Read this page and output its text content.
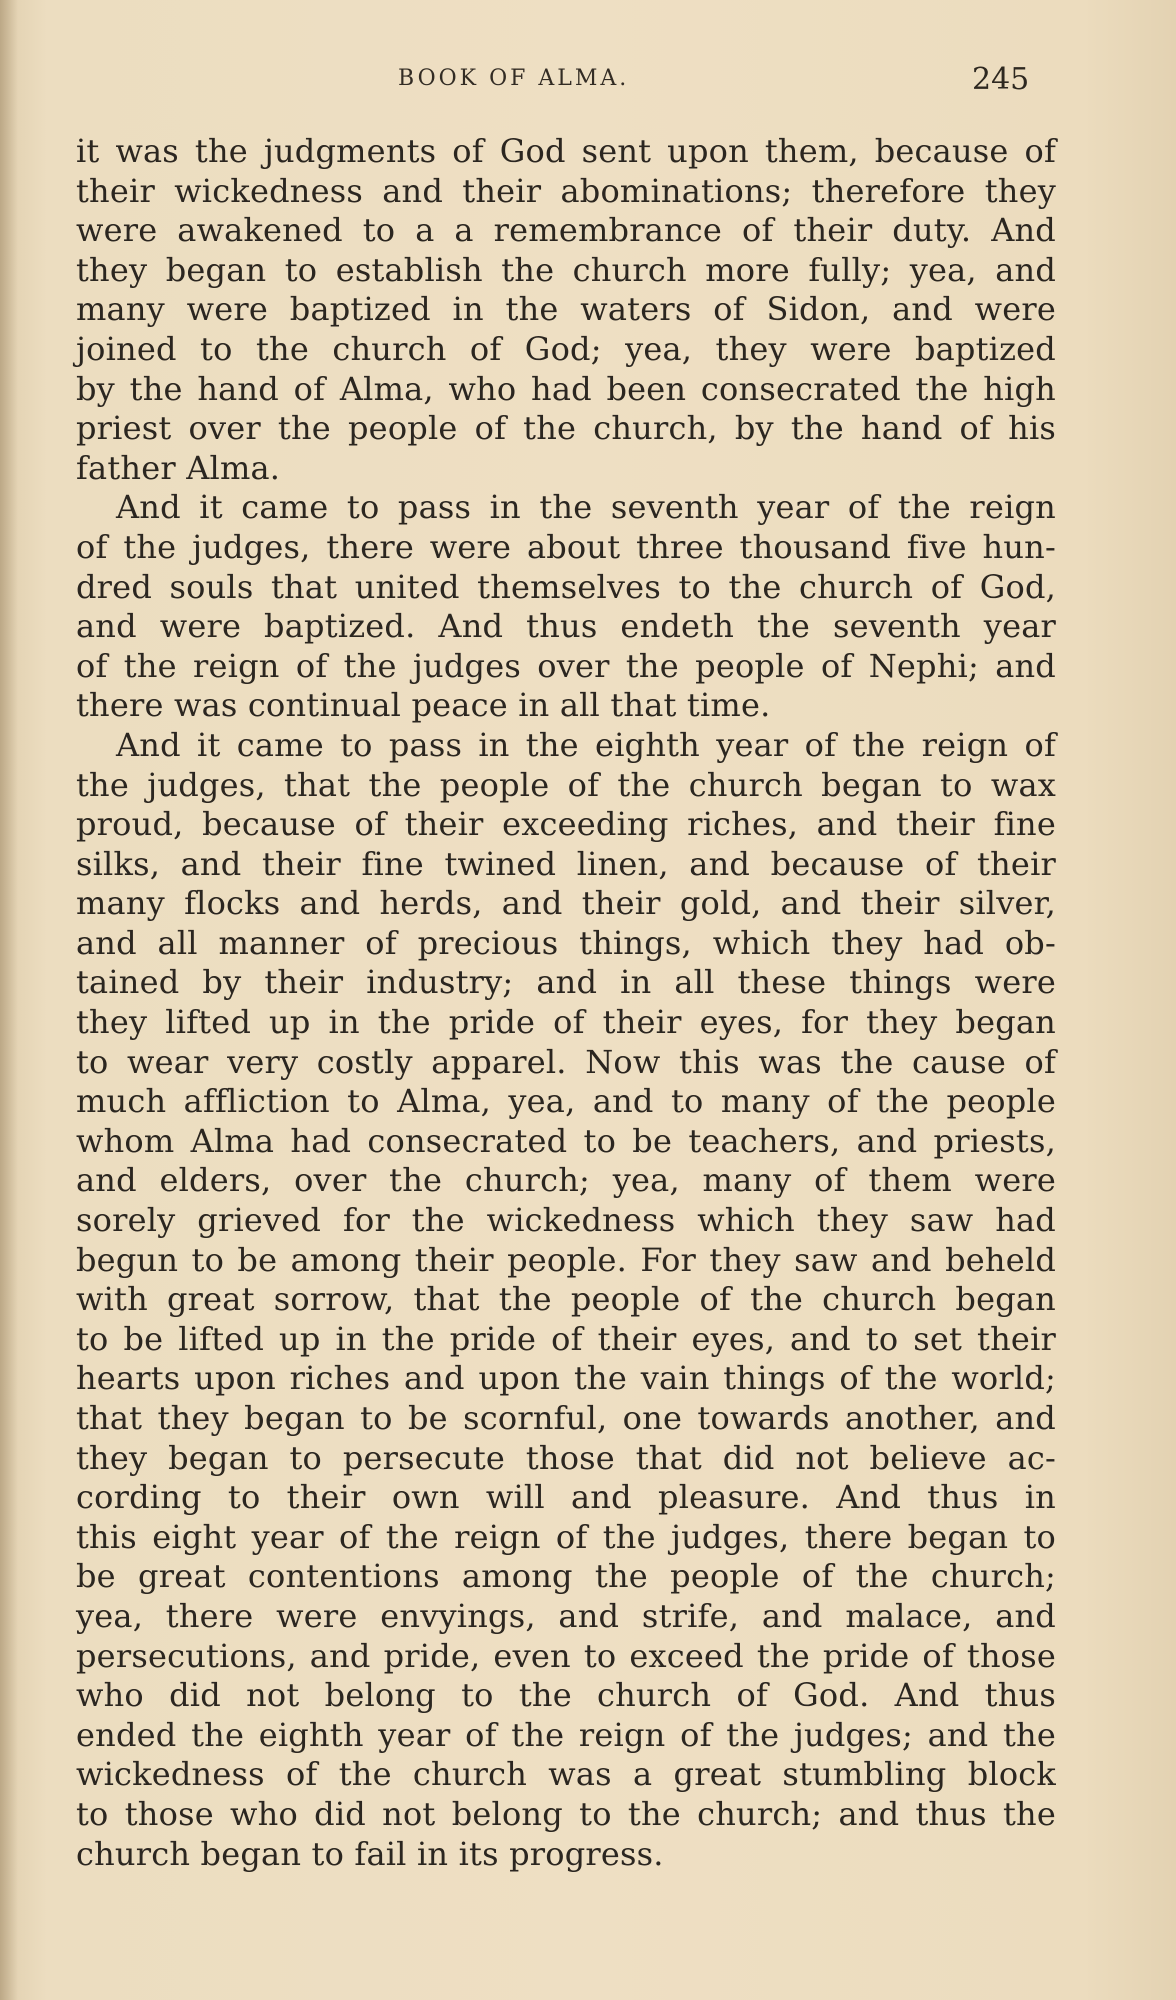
BOOK OF ALMA.	245
it was the judgments of God sent upon them, because of
their wickedness and their abominations; therefore they
were awakened to a a remembrance of their duty. And
they began to establish the church more fully; yea, and
many were baptized in the waters of Sidon, and were
joined to the church of God; yea, they were baptized
by the hand of Alma, who had been consecrated the high
priest over the people of the church, by the hand of his
father Alma.
And it came to pass in the seventh year of the reign
of the judges, there were about three thousand five hun-
dred souls that united themselves to the church of God,
and were baptized. And thus endeth the seventh year
of the reign of the judges over the people of Nephi; and
there was continual peace in all that time.
And it came to pass in the eighth year of the reign of
the judges, that the people of the church began to wax
proud, because of their exceeding riches, and their fine
silks, and their fine twined linen, and because of their
many flocks and herds, and their gold, and their silver,
and all manner of precious things, which they had ob-
tained by their industry; and in all these things were
they lifted up in the pride of their eyes, for they began
to wear very costly apparel. Now this was the cause of
much affliction to Alma, yea, and to many of the people
whom Alma had consecrated to be teachers, and priests,
and elders, over the church; yea, many of them were
sorely grieved for the wickedness which they saw had
begun to be among their people. For they saw and beheld
with great sorrow, that the people of the church began
to be lifted up in the pride of their eyes, and to set their
hearts upon riches and upon the vain things of the world;
that they began to be scornful, one towards another, and
they began to persecute those that did not believe ac-
cording to their own will and pleasure. And thus in
this eight year of the reign of the judges, there began to
be great contentions among the people of the church;
yea, there were envyings, and strife, and malace, and
persecutions, and pride, even to exceed the pride of those
who did not belong to the church of God. And thus
ended the eighth year of the reign of the judges; and the
wickedness of the church was a great stumbling block
to those who did not belong to the church; and thus the
church began to fail in its progress.
